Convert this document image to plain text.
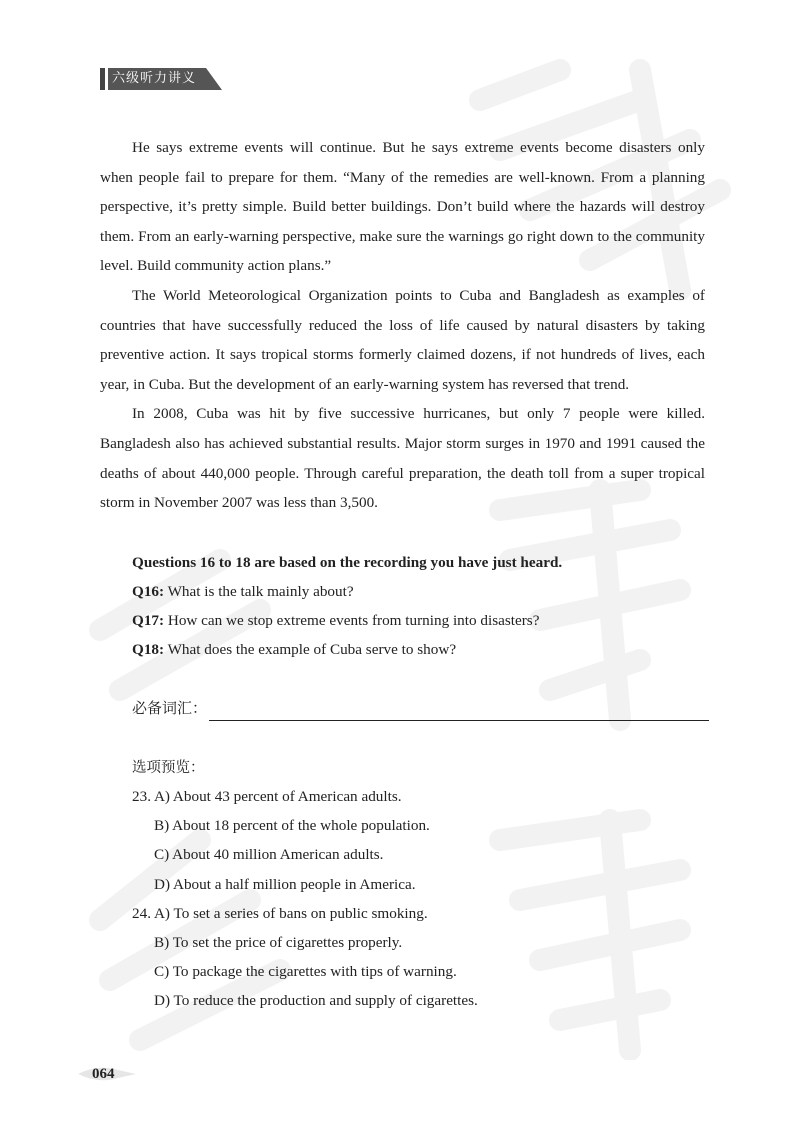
六级听力讲义

He says extreme events will continue. But he says extreme events become disasters only when people fail to prepare for them. “Many of the remedies are well-known. From a planning perspective, it’s pretty simple. Build better buildings. Don’t build where the hazards will destroy them. From an early-warning perspective, make sure the warnings go right down to the community level. Build community action plans.”

The World Meteorological Organization points to Cuba and Bangladesh as examples of countries that have successfully reduced the loss of life caused by natural disasters by taking preventive action. It says tropical storms formerly claimed dozens, if not hundreds of lives, each year, in Cuba. But the development of an early-warning system has reversed that trend.

In 2008, Cuba was hit by five successive hurricanes, but only 7 people were killed. Bangladesh also has achieved substantial results. Major storm surges in 1970 and 1991 caused the deaths of about 440,000 people. Through careful preparation, the death toll from a super tropical storm in November 2007 was less than 3,500.

Questions 16 to 18 are based on the recording you have just heard.
Q16: What is the talk mainly about?
Q17: How can we stop extreme events from turning into disasters?
Q18: What does the example of Cuba serve to show?
必备词汇：
选项预览：
23. A) About 43 percent of American adults.
B) About 18 percent of the whole population.
C) About 40 million American adults.
D) About a half million people in America.
24. A) To set a series of bans on public smoking.
B) To set the price of cigarettes properly.
C) To package the cigarettes with tips of warning.
D) To reduce the production and supply of cigarettes.
064
